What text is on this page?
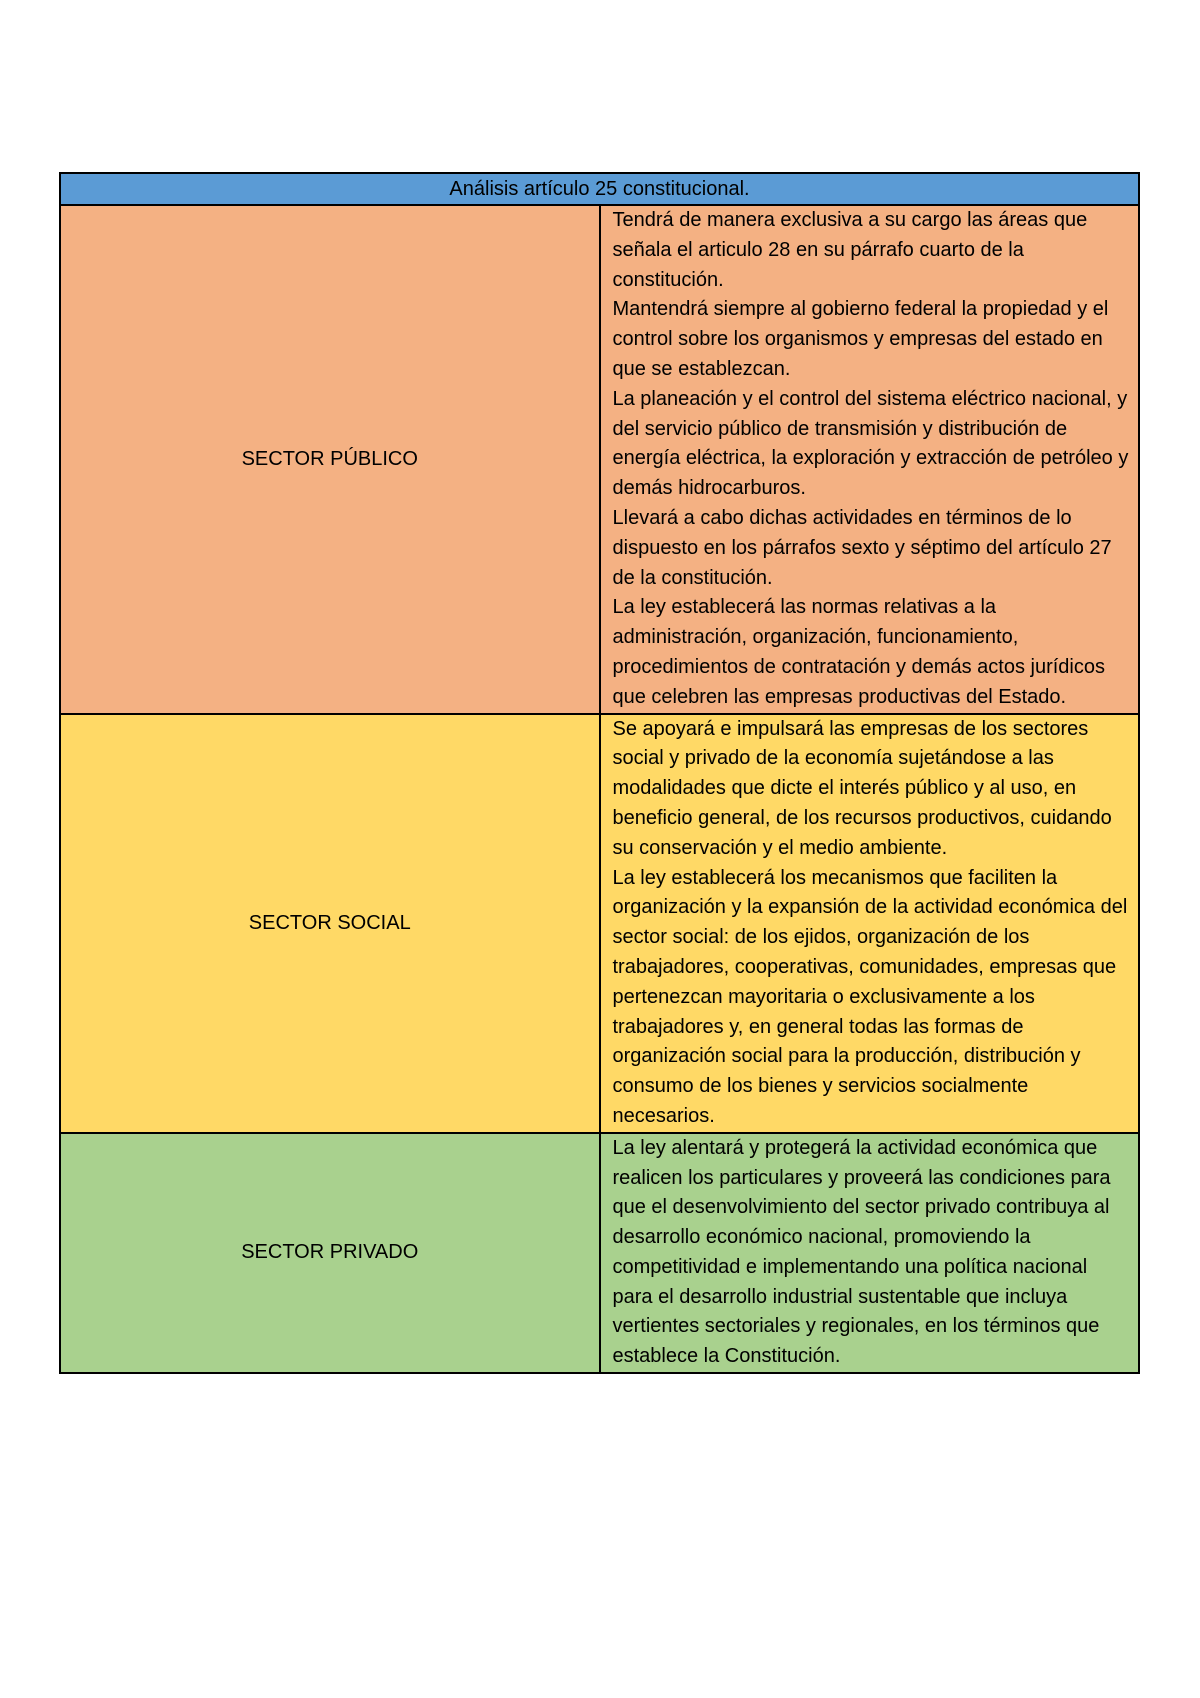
Análisis artículo 25 constitucional.	
SECTOR PÚBLICO	Tendrá de manera exclusiva a su cargo las áreas que señala el articulo 28 en su párrafo cuarto de la constitución.

Mantendrá siempre al gobierno federal la propiedad y el control sobre los organismos y empresas del estado en que se establezcan.

La planeación y el control del sistema eléctrico nacional, y del servicio público de transmisión y distribución de energía eléctrica, la exploración y extracción de petróleo y demás hidrocarburos.

Llevará a cabo dichas actividades en términos de lo dispuesto en los párrafos sexto y séptimo del artículo 27 de la constitución.

La ley establecerá las normas relativas a la administración, organización, funcionamiento, procedimientos de contratación y demás actos jurídicos que celebren las empresas productivas del Estado.

SECTOR SOCIAL	Se apoyará e impulsará las empresas de los sectores social y privado de la economía sujetándose a las modalidades que dicte el interés público y al uso, en beneficio general, de los recursos productivos, cuidando su conservación y el medio ambiente.

La ley establecerá los mecanismos que faciliten la organización y la expansión de la actividad económica del sector social: de los ejidos, organización de los trabajadores, cooperativas, comunidades, empresas que pertenezcan mayoritaria o exclusivamente a los trabajadores y, en general todas las formas de organización social para la producción, distribución y consumo de los bienes y servicios socialmente necesarios.

SECTOR PRIVADO	La ley alentará y protegerá la actividad económica que realicen los particulares y proveerá las condiciones para que el desenvolvimiento del sector privado contribuya al desarrollo económico nacional, promoviendo la competitividad e implementando una política nacional para el desarrollo industrial sustentable que incluya vertientes sectoriales y regionales, en los términos que establece la Constitución.
